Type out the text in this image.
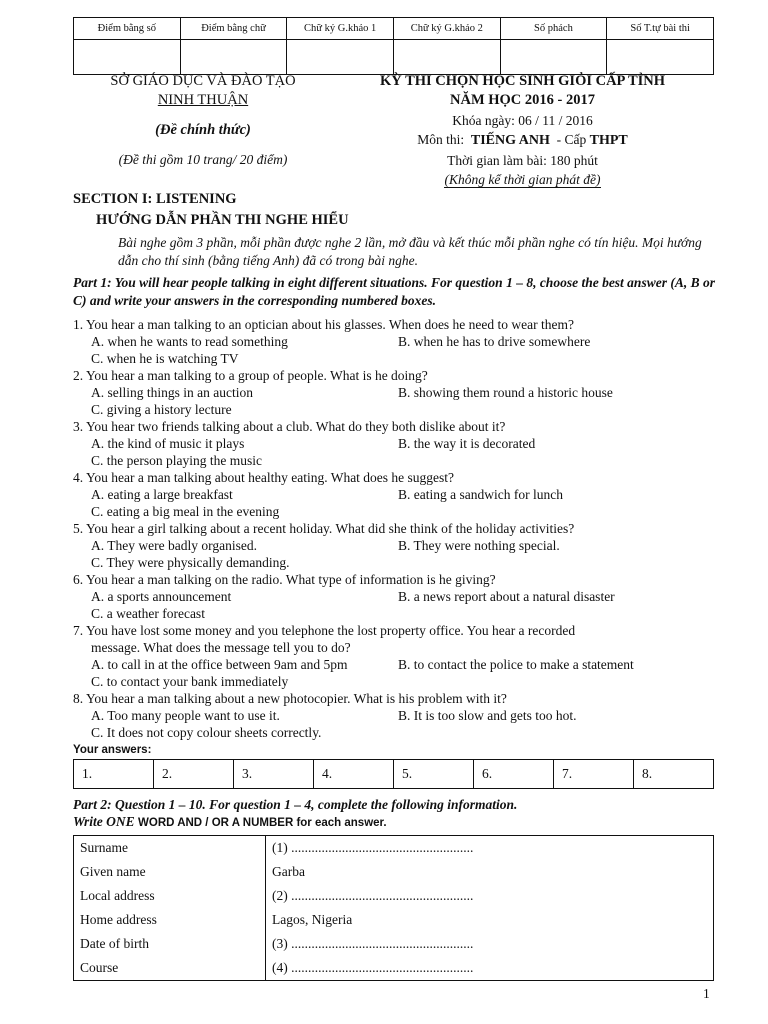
Điểm bằng số	Điểm bằng chữ	Chữ ký G.khảo 1	Chữ ký G.khảo 2	Số phách	Số T.tự bài thi

SỞ GIÁO DỤC VÀ ĐÀO TẠO
NINH THUẬN
(Đề chính thức)
(Đề thi gồm 10 trang/ 20 điểm)
KỲ THI CHỌN HỌC SINH GIỎI CẤP TỈNH
NĂM HỌC 2016 - 2017
Khóa ngày: 06 / 11 / 2016
Môn thi: TIẾNG ANH - Cấp THPT
Thời gian làm bài: 180 phút
(Không kể thời gian phát đề)
SECTION I: LISTENING
HƯỚNG DẪN PHẦN THI NGHE HIỂU
Bài nghe gồm 3 phần, mỗi phần được nghe 2 lần, mở đầu và kết thúc mỗi phần nghe có tín hiệu. Mọi hướng dẫn cho thí sinh (bằng tiếng Anh) đã có trong bài nghe.
Part 1: You will hear people talking in eight different situations. For question 1 – 8, choose the best answer (A, B or C) and write your answers in the corresponding numbered boxes.
1. You hear a man talking to an optician about his glasses. When does he need to wear them?
A. when he wants to read something	B. when he has to drive somewhere
C. when he is watching TV
2. You hear a man talking to a group of people. What is he doing?
A. selling things in an auction	B. showing them round a historic house
C. giving a history lecture
3. You hear two friends talking about a club. What do they both dislike about it?
A. the kind of music it plays	B. the way it is decorated
C. the person playing the music
4. You hear a man talking about healthy eating. What does he suggest?
A. eating a large breakfast	B. eating a sandwich for lunch
C. eating a big meal in the evening
5. You hear a girl talking about a recent holiday. What did she think of the holiday activities?
A. They were badly organised.	B. They were nothing special.
C. They were physically demanding.
6. You hear a man talking on the radio. What type of information is he giving?
A. a sports announcement	B. a news report about a natural disaster
C. a weather forecast
7. You have lost some money and you telephone the lost property office. You hear a recorded
message. What does the message tell you to do?
A. to call in at the office between 9am and 5pm	B. to contact the police to make a statement
C. to contact your bank immediately
8. You hear a man talking about a new photocopier. What is his problem with it?
A. Too many people want to use it.	B. It is too slow and gets too hot.
C. It does not copy colour sheets correctly.
Your answers:
1.	2.	3.	4.	5.	6.	7.	8.
Part 2: Question 1 – 10. For question 1 – 4, complete the following information.
Write ONE WORD AND / OR A NUMBER for each answer.
Surname	(1) ......................................................
Given name	Garba
Local address	(2) ......................................................
Home address	Lagos, Nigeria
Date of birth	(3) ......................................................
Course	(4) ......................................................
1
